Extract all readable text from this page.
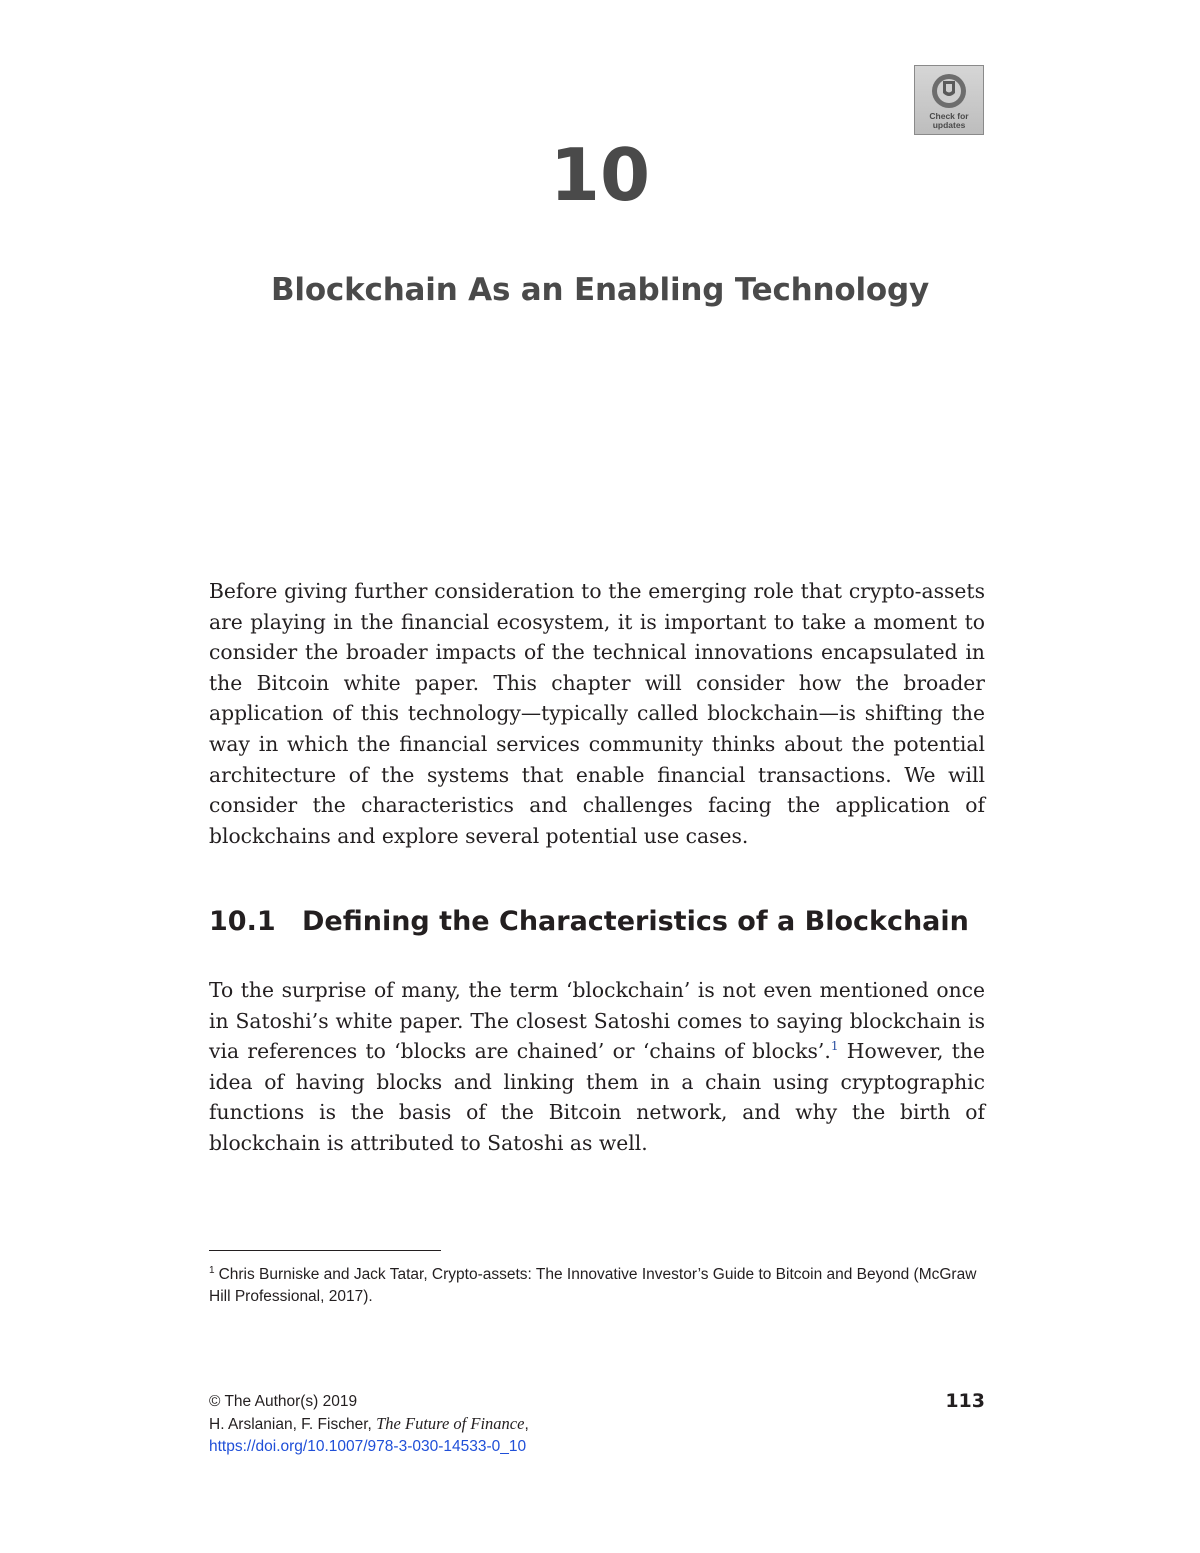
Check for updates
10
Blockchain As an Enabling Technology

Before giving further consideration to the emerging role that crypto-assets are playing in the financial ecosystem, it is important to take a moment to consider the broader impacts of the technical innovations encapsulated in the Bitcoin white paper. This chapter will consider how the broader application of this technology—typically called blockchain—is shifting the way in which the financial services community thinks about the potential architecture of the systems that enable financial transactions. We will consider the characteristics and challenges facing the application of blockchains and explore several potential use cases.

10.1 Defining the Characteristics of a Blockchain

To the surprise of many, the term ‘blockchain’ is not even mentioned once in Satoshi’s white paper. The closest Satoshi comes to saying blockchain is via references to ‘blocks are chained’ or ‘chains of blocks’.$^1$ However, the idea of having blocks and linking them in a chain using cryptographic functions is the basis of the Bitcoin network, and why the birth of blockchain is attributed to Satoshi as well.

$^1$ Chris Burniske and Jack Tatar, Crypto-assets: The Innovative Investor’s Guide to Bitcoin and Beyond (McGraw Hill Professional, 2017).

© The Author(s) 2019
H. Arslanian, F. Fischer, The Future of Finance,
https://doi.org/10.1007/978-3-030-14533-0_10
113
